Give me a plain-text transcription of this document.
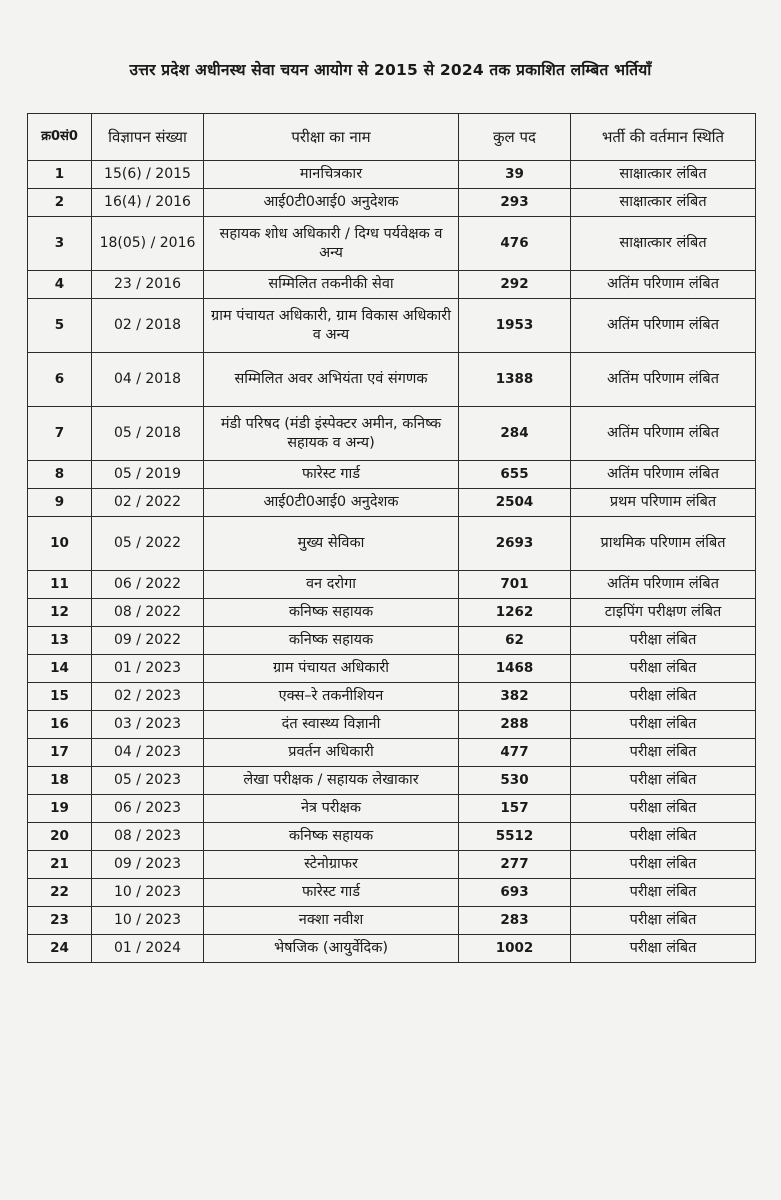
उत्तर प्रदेश अधीनस्थ सेवा चयन आयोग से 2015 से 2024 तक प्रकाशित लम्बित भर्तियाँ
क्र0सं0	विज्ञापन संख्या	परीक्षा का नाम	कुल पद	भर्ती की वर्तमान स्थिति
1	15(6) / 2015	मानचित्रकार	39	साक्षात्कार लंबित
2	16(4) / 2016	आई0टी0आई0 अनुदेशक	293	साक्षात्कार लंबित
3	18(05) / 2016	सहायक शोध अधिकारी / दिग्ध पर्यवेक्षक व अन्य	476	साक्षात्कार लंबित
4	23 / 2016	सम्मिलित तकनीकी सेवा	292	अतिंम परिणाम लंबित
5	02 / 2018	ग्राम पंचायत अधिकारी, ग्राम विकास अधिकारी व अन्य	1953	अतिंम परिणाम लंबित
6	04 / 2018	सम्मिलित अवर अभियंता एवं संगणक	1388	अतिंम परिणाम लंबित
7	05 / 2018	मंडी परिषद (मंडी इंस्पेक्टर अमीन, कनिष्क सहायक व अन्य)	284	अतिंम परिणाम लंबित
8	05 / 2019	फारेस्ट गार्ड	655	अतिंम परिणाम लंबित
9	02 / 2022	आई0टी0आई0 अनुदेशक	2504	प्रथम परिणाम लंबित
10	05 / 2022	मुख्य सेविका	2693	प्राथमिक परिणाम लंबित
11	06 / 2022	वन दरोगा	701	अतिंम परिणाम लंबित
12	08 / 2022	कनिष्क सहायक	1262	टाइपिंग परीक्षण लंबित
13	09 / 2022	कनिष्क सहायक	62	परीक्षा लंबित
14	01 / 2023	ग्राम पंचायत अधिकारी	1468	परीक्षा लंबित
15	02 / 2023	एक्स–रे तकनीशियन	382	परीक्षा लंबित
16	03 / 2023	दंत स्वास्थ्य विज्ञानी	288	परीक्षा लंबित
17	04 / 2023	प्रवर्तन अधिकारी	477	परीक्षा लंबित
18	05 / 2023	लेखा परीक्षक / सहायक लेखाकार	530	परीक्षा लंबित
19	06 / 2023	नेत्र परीक्षक	157	परीक्षा लंबित
20	08 / 2023	कनिष्क सहायक	5512	परीक्षा लंबित
21	09 / 2023	स्टेनोग्राफर	277	परीक्षा लंबित
22	10 / 2023	फारेस्ट गार्ड	693	परीक्षा लंबित
23	10 / 2023	नक्शा नवीश	283	परीक्षा लंबित
24	01 / 2024	भेषजिक (आयुर्वेदिक)	1002	परीक्षा लंबित
